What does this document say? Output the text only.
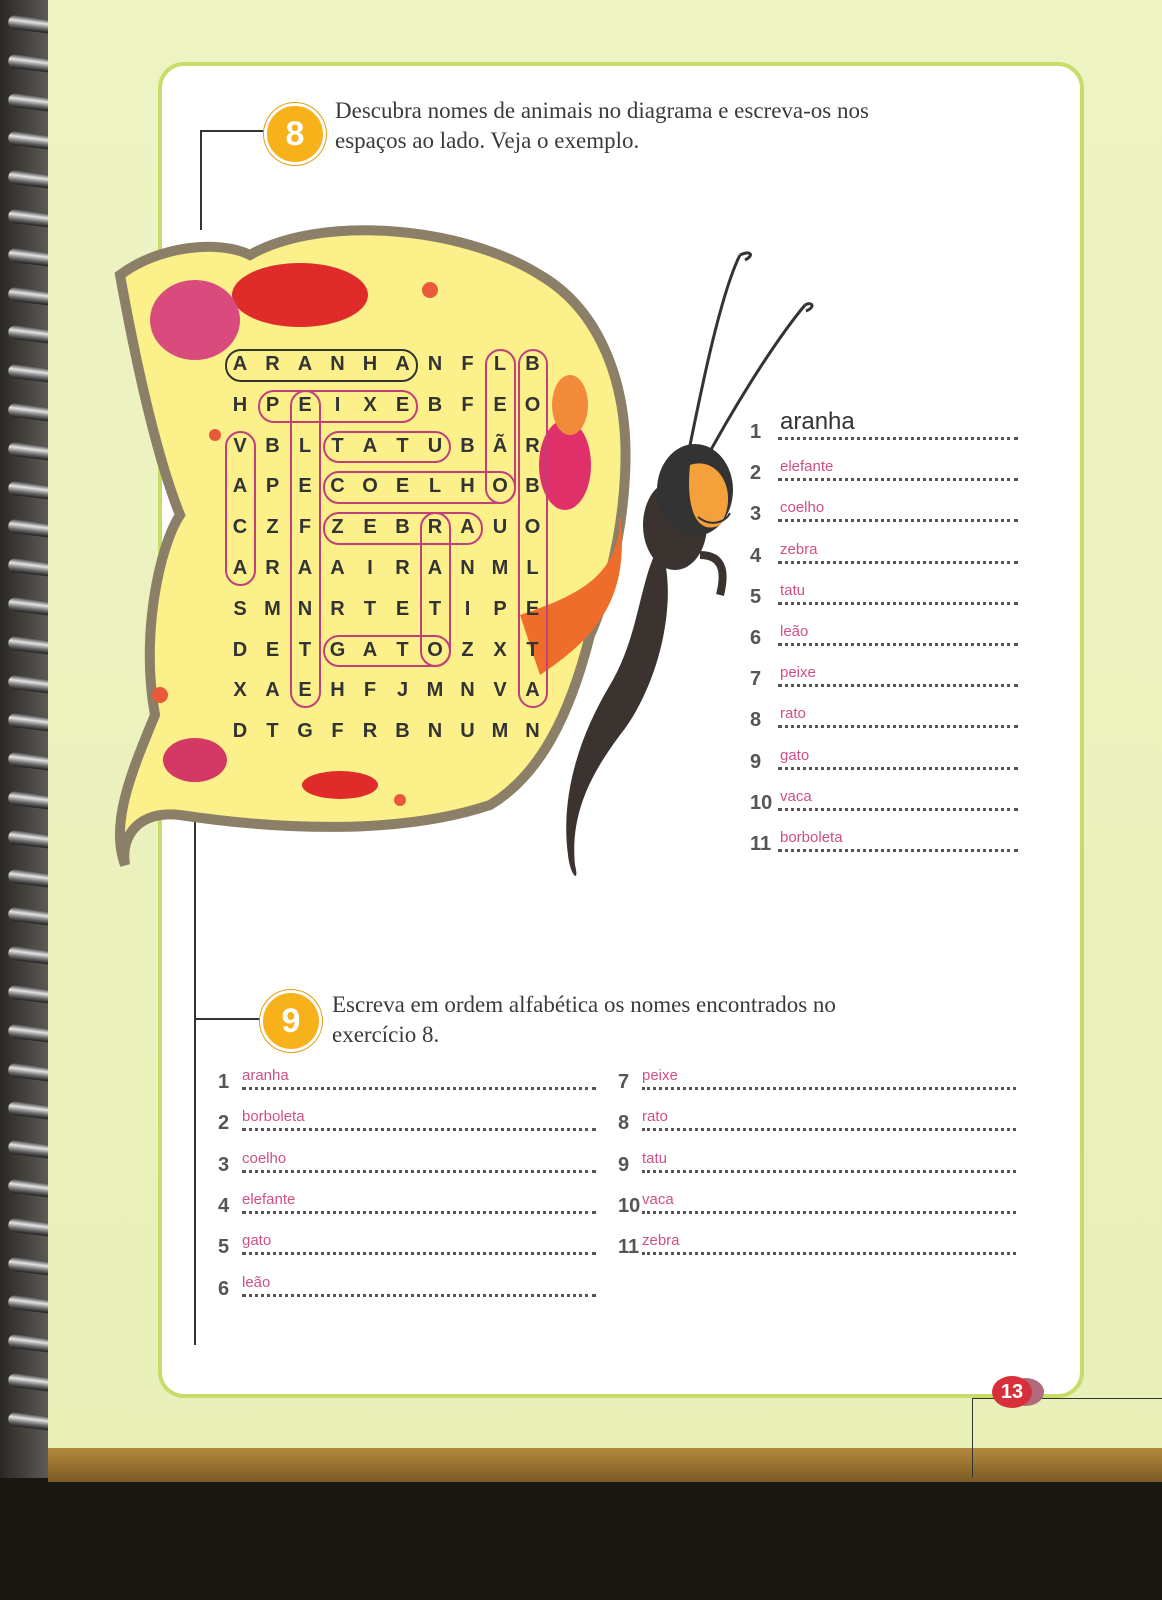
8
Descubra nomes de animais no diagrama e escreva-os nos
espaços ao lado. Veja o exemplo.
A R A N H A N F	L B
H P E	I	X E B F E O
V B L	T A T U B Ã R
A P E C O E L H O B
C Z	F	Z E B R A U O
A R A A	I	R A N M L
S M N R T E T	I	P E
D E T G A T O Z X T
X A E H F	J M N V A
D T G F R B N U M N
1 aranha
2 elefante
3 coelho
4 zebra
5 tatu
6 leão
7 peixe
8 rato
9 gato
10 vaca
11 borboleta
9	Escreva em ordem alfabética os nomes encontrados no
exercício 8.
1 aranha
2 borboleta
3 coelho
4 elefante
5 gato
6 leão
7 peixe
8 rato
9 tatu
10 vaca
11 zebra
13
